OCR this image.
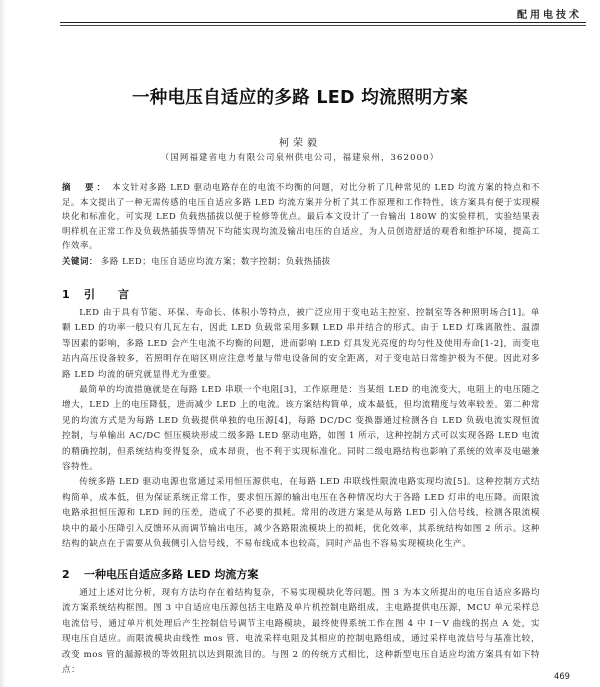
配用电技术
一种电压自适应的多路 LED 均流照明方案
柯荣毅
（国网福建省电力有限公司泉州供电公司，福建泉州，362000）
摘　要： 本文针对多路 LED 驱动电路存在的电流不均衡的问题，对比分析了几种常见的 LED 均流方案的特点和不足。本文提出了一种无需传感的电压自适应多路 LED 均流方案并分析了其工作原理和工作特性，该方案具有便于实现模块化和标准化，可实现 LED 负载热插拔以便于检修等优点。最后本文设计了一台输出 180W 的实验样机，实验结果表明样机在正常工作及负载热插拔等情况下均能实现均流及输出电压的自适应，为人员创造舒适的观看和维护环境，提高工作效率。
关键词： 多路 LED；电压自适应均流方案；数字控制；负载热插拔
1 引　言

LED 由于具有节能、环保、寿命长、体积小等特点，被广泛应用于变电站主控室、控制室等各种照明场合[1]。单颗 LED 的功率一般只有几瓦左右，因此 LED 负载常采用多颗 LED 串并结合的形式。由于 LED 灯珠离散性、温漂等因素的影响，多路 LED 会产生电流不均衡的问题，进而影响 LED 灯具发光亮度的均匀性及使用寿命[1-2]，而变电站内高压设备较多，若照明存在暗区则应注意考量与带电设备间的安全距离，对于变电站日常维护极为不便。因此对多路 LED 均流的研究就显得尤为重要。

最简单的均流措施就是在每路 LED 串联一个电阻[3]，工作原理是：当某组 LED 的电流变大，电阻上的电压随之增大，LED 上的电压降低，进而减少 LED 上的电流。该方案结构简单，成本最低，但均流精度与效率较差。第二种常见的均流方式是为每路 LED 负载提供单独的电压源[4]，每路 DC/DC 变换器通过检测各自 LED 负载电流实现恒流控制，与单输出 AC/DC 恒压模块形成二级多路 LED 驱动电路，如图 1 所示，这种控制方式可以实现各路 LED 电流的精确控制，但系统结构变得复杂，成本昂贵，也不利于实现标准化。同时二级电路结构也影响了系统的效率及电磁兼容特性。

传统多路 LED 驱动电源也常通过采用恒压源供电，在每路 LED 串联线性限流电路实现均流[5]。这种控制方式结构简单，成本低，但为保证系统正常工作，要求恒压源的输出电压在各种情况均大于各路 LED 灯串的电压降。而限流电路承担恒压源和 LED 间的压差，造成了不必要的损耗。常用的改进方案是从每路 LED 引入信号线，检测各限流模块中的最小压降引入反馈环从而调节输出电压，减少各路限流模块上的损耗，优化效率，其系统结构如图 2 所示。这种结构的缺点在于需要从负载侧引入信号线，不易布线成本也较高，同时产品也不容易实现模块化生产。

2 一种电压自适应多路 LED 均流方案

通过上述对比分析，现有方法均存在着结构复杂，不易实现模块化等问题。图 3 为本文所提出的电压自适应多路均流方案系统结构框图。图 3 中自适应电压源包括主电路及单片机控制电路组成，主电路提供电压源，MCU 单元采样总电流信号，通过单片机处理后产生控制信号调节主电路模块，最终使得系统工作在图 4 中 I－V 曲线的拐点 A 处，实现电压自适应。而限流模块由线性 mos 管、电流采样电阻及其相应的控制电路组成，通过采样电流信号与基准比较，改变 mos 管的漏源极的等效阻抗以达到限流目的。与图 2 的传统方式相比，这种新型电压自适应均流方案具有如下特点：

469
